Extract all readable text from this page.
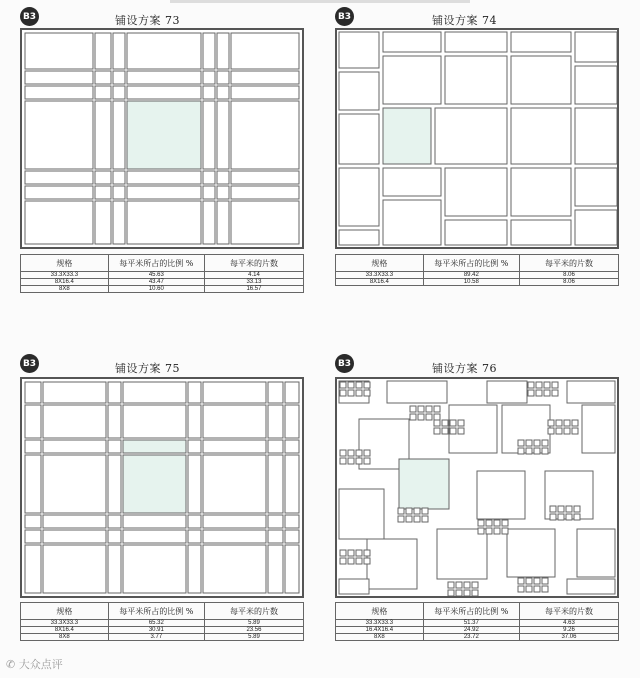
B3	铺设方案 73
规格	每平米所占的比例 %	每平米的片数
33.3X33.3	45.63	4.14
8X16.4	43.47	33.13
8X8	10.60	16.57
B3	铺设方案 74
规格	每平米所占的比例 %	每平米的片数
33.3X33.3	89.42	8.06
8X16.4	10.58	8.06
B3	铺设方案 75
规格	每平米所占的比例 %	每平米的片数
33.3X33.3	65.32	5.89
8X16.4	30.91	23.56
8X8	3.77	5.89
B3	铺设方案 76
规格	每平米所占的比例 %	每平米的片数
33.3X33.3	51.37	4.63
16.4X16.4	24.92	9.26
8X8	23.72	37.06
✆ 大众点评
